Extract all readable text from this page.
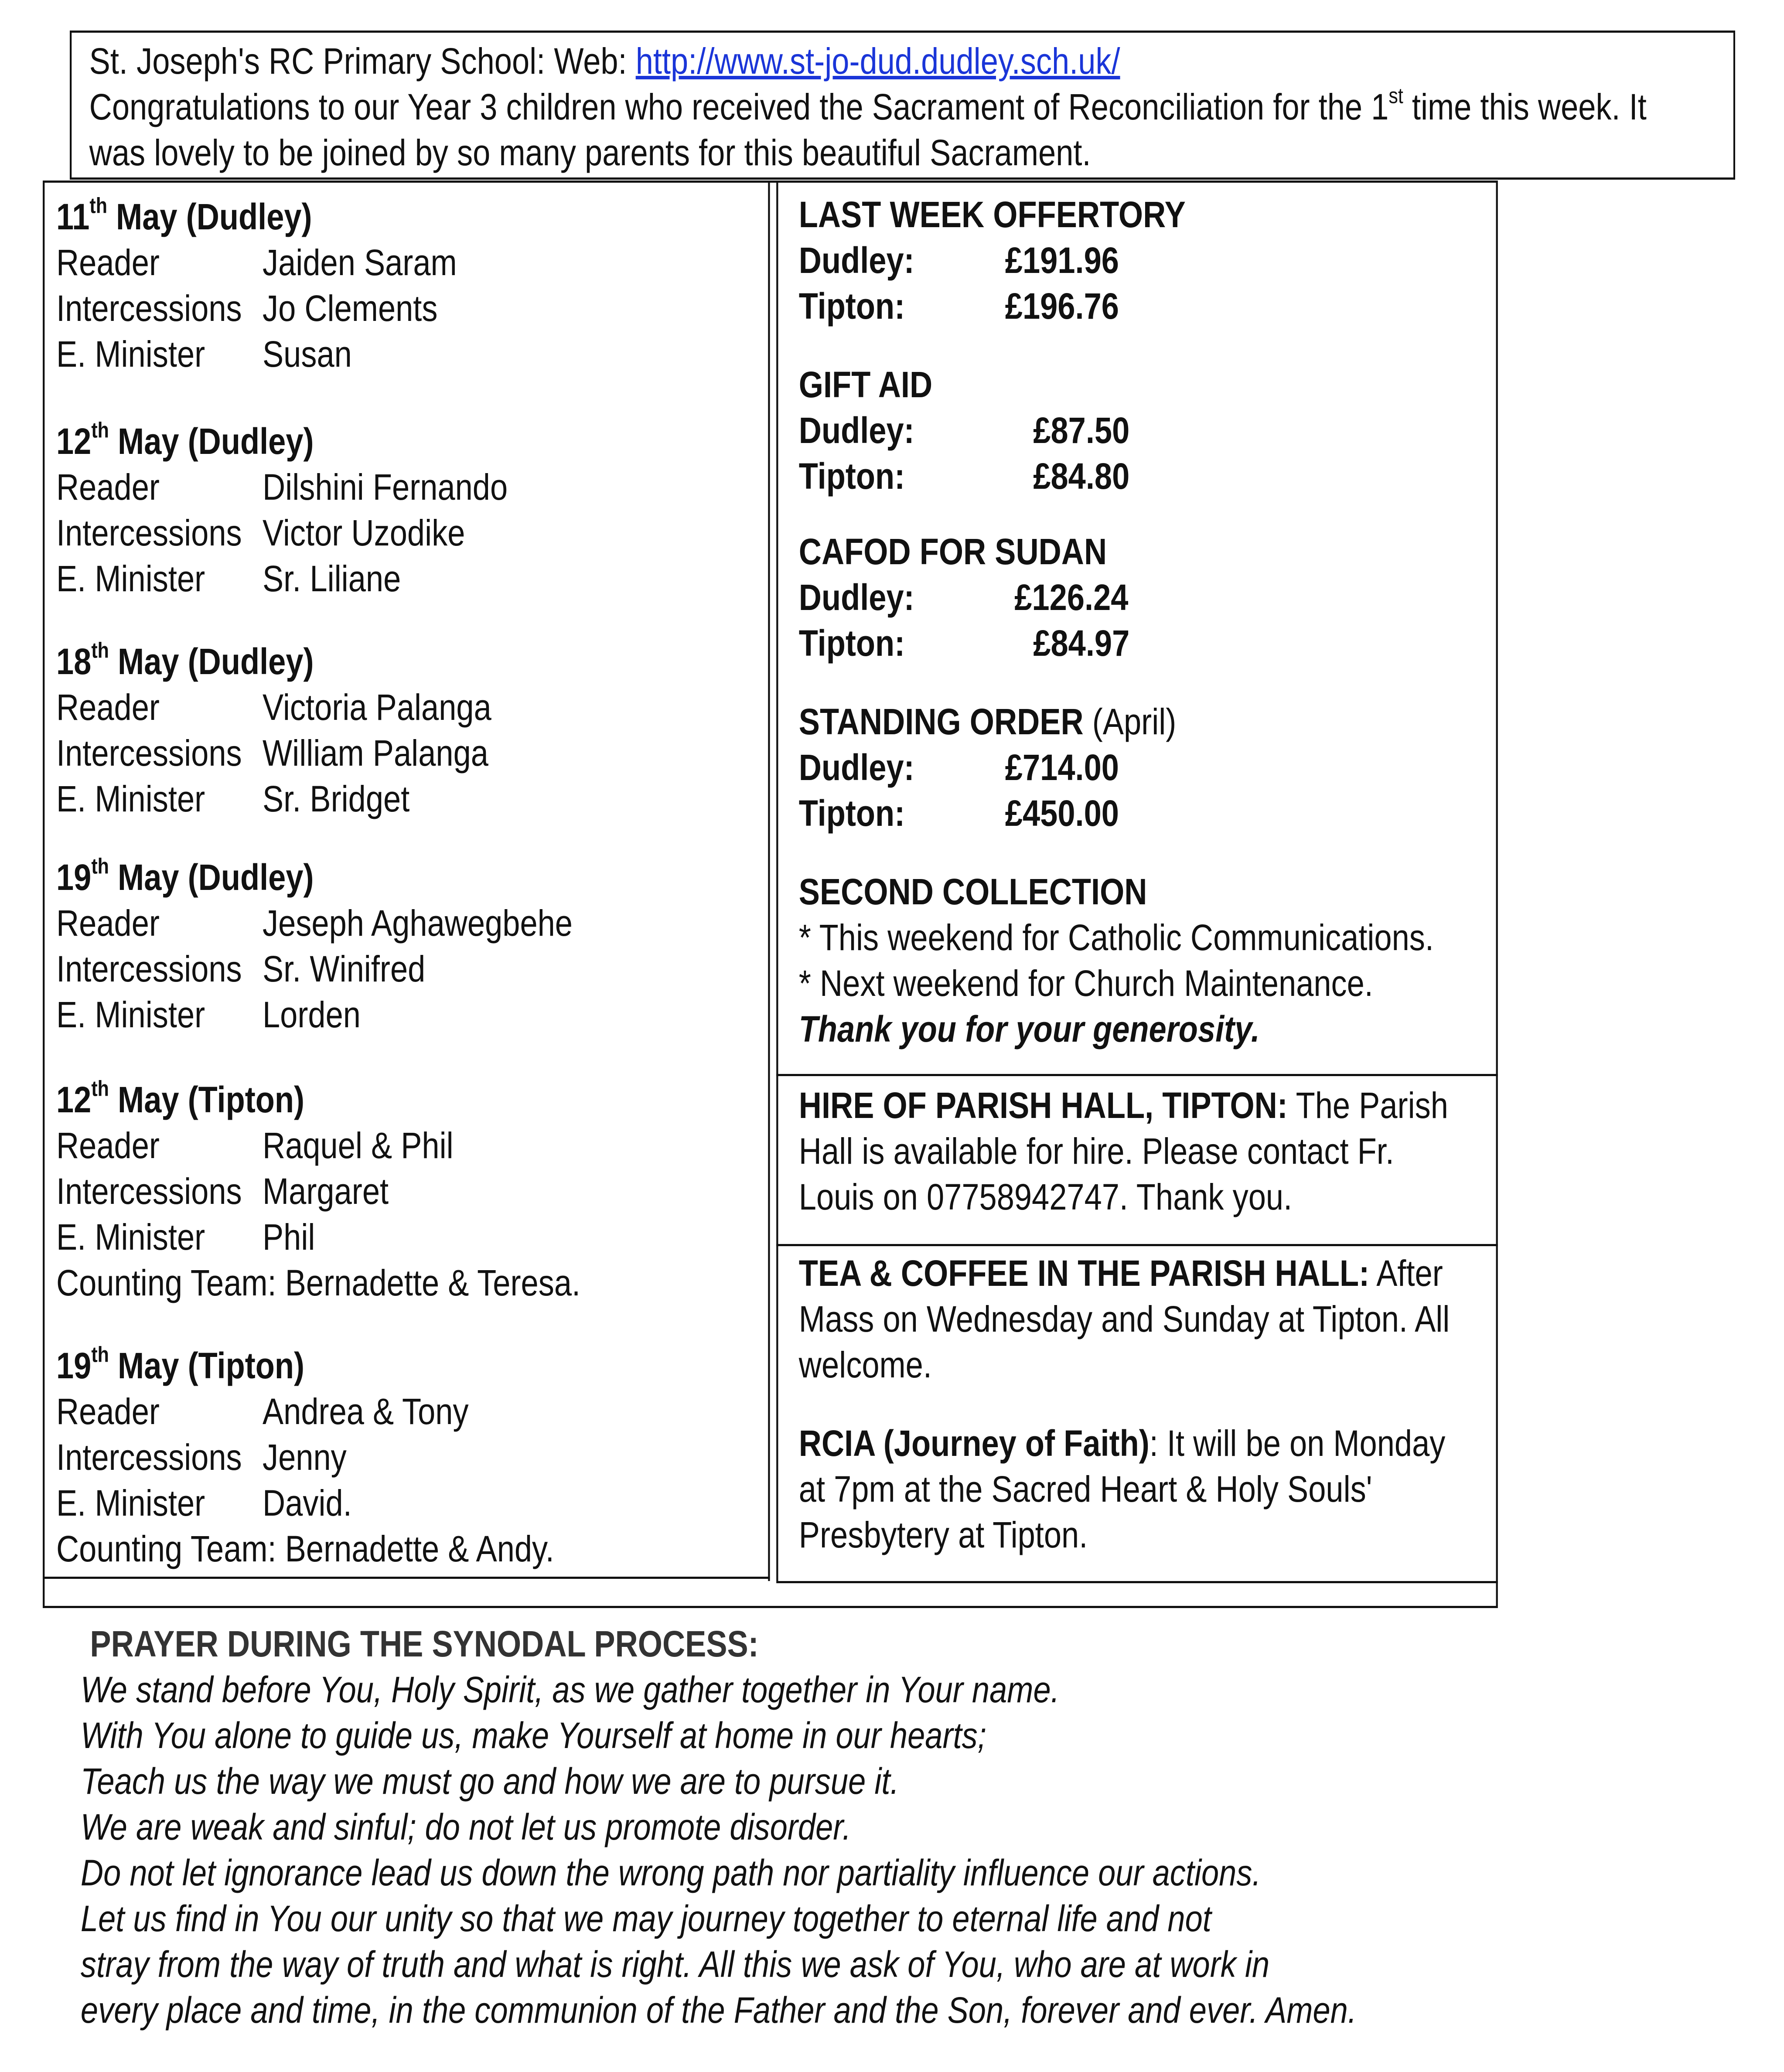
St. Joseph's RC Primary School: Web: http://www.st-jo-dud.dudley.sch.uk/
Congratulations to our Year 3 children who received the Sacrament of Reconciliation for the 1st time this week. It
was lovely to be joined by so many parents for this beautiful Sacrament.
11th May (Dudley)
Reader	Jaiden Saram
Intercessions Jo Clements
E. Minister Susan
12th May (Dudley)
Reader	Dilshini Fernando
Intercessions Victor Uzodike
E. Minister Sr. Liliane
18th May (Dudley)
Reader	Victoria Palanga
Intercessions William Palanga
E. Minister Sr. Bridget
19th May (Dudley)
Reader	Jeseph Aghawegbehe
Intercessions Sr. Winifred
E. Minister Lorden
12th May (Tipton)
Reader	Raquel & Phil
Intercessions Margaret
E. Minister Phil
Counting Team: Bernadette & Teresa.
19th May (Tipton)
Reader	Andrea & Tony
Intercessions Jenny
E. Minister David.
Counting Team: Bernadette & Andy.
LAST WEEK OFFERTORY
Dudley: £191.96
Tipton:	£196.76
GIFT AID
Dudley:	£87.50
Tipton:	£84.80
CAFOD FOR SUDAN
Dudley:	£126.24
Tipton:	£84.97
STANDING ORDER (April)
Dudley: £714.00
Tipton:	£450.00
SECOND COLLECTION
* This weekend for Catholic Communications.
* Next weekend for Church Maintenance.
Thank you for your generosity.
HIRE OF PARISH HALL, TIPTON: The Parish
Hall is available for hire. Please contact Fr.
Louis on 07758942747. Thank you.
TEA & COFFEE IN THE PARISH HALL: After
Mass on Wednesday and Sunday at Tipton. All
welcome.
RCIA (Journey of Faith): It will be on Monday
at 7pm at the Sacred Heart & Holy Souls'
Presbytery at Tipton.
PRAYER DURING THE SYNODAL PROCESS:
We stand before You, Holy Spirit, as we gather together in Your name.
With You alone to guide us, make Yourself at home in our hearts;
Teach us the way we must go and how we are to pursue it.
We are weak and sinful; do not let us promote disorder.
Do not let ignorance lead us down the wrong path nor partiality influence our actions.
Let us find in You our unity so that we may journey together to eternal life and not
stray from the way of truth and what is right. All this we ask of You, who are at work in
every place and time, in the communion of the Father and the Son, forever and ever. Amen.
